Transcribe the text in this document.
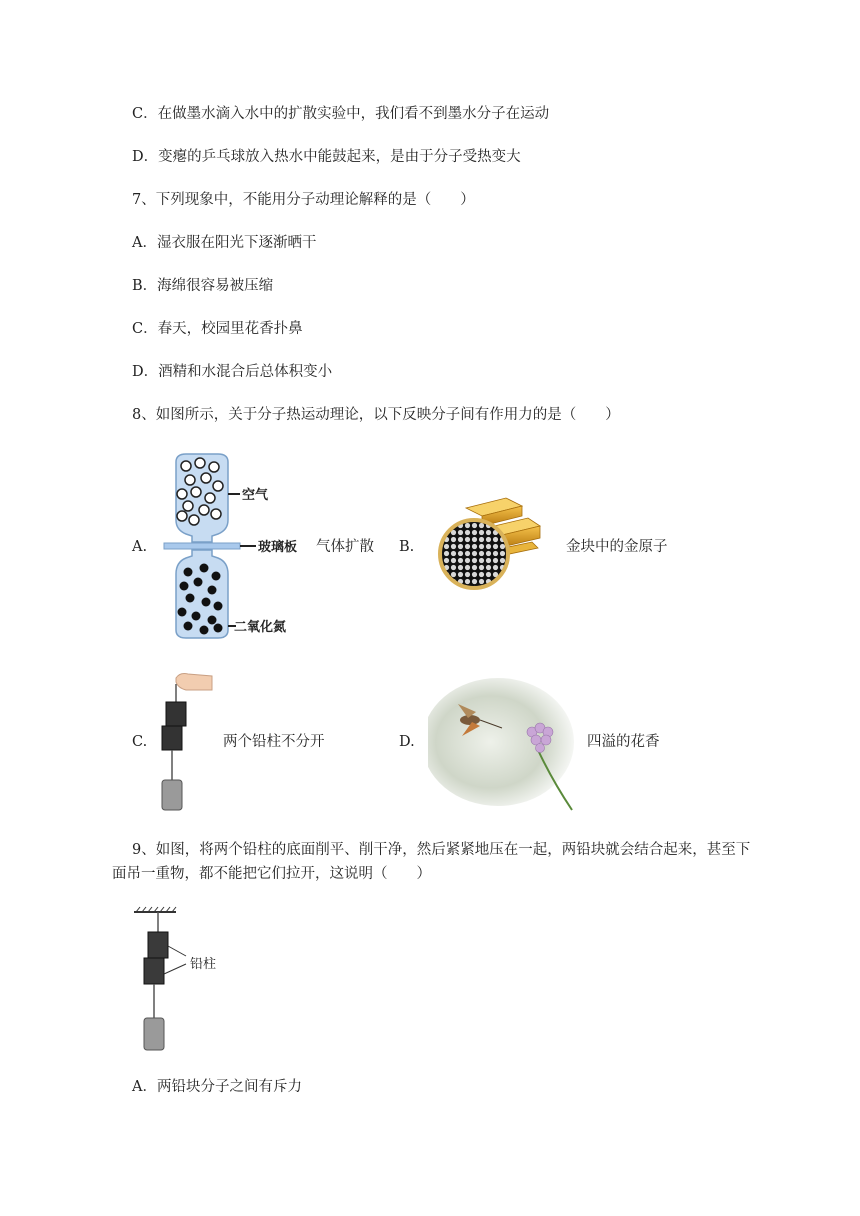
C．在做墨水滴入水中的扩散实验中，我们看不到墨水分子在运动
D．变瘪的乒乓球放入热水中能鼓起来，是由于分子受热变大
7、下列现象中，不能用分子动理论解释的是（　　）
A．湿衣服在阳光下逐渐晒干
B．海绵很容易被压缩
C．春天，校园里花香扑鼻
D．酒精和水混合后总体积变小
8、如图所示，关于分子热运动理论，以下反映分子间有作用力的是（　　）
A.
空气
玻璃板
二氧化氮
气体扩散 B.	金块中的金原子
C.	两个铅柱不分开	D.	四溢的花香
9、如图，将两个铅柱的底面削平、削干净，然后紧紧地压在一起，两铅块就会结合起来，甚至下
面吊一重物，都不能把它们拉开，这说明（　　）
铅柱
A．两铅块分子之间有斥力
